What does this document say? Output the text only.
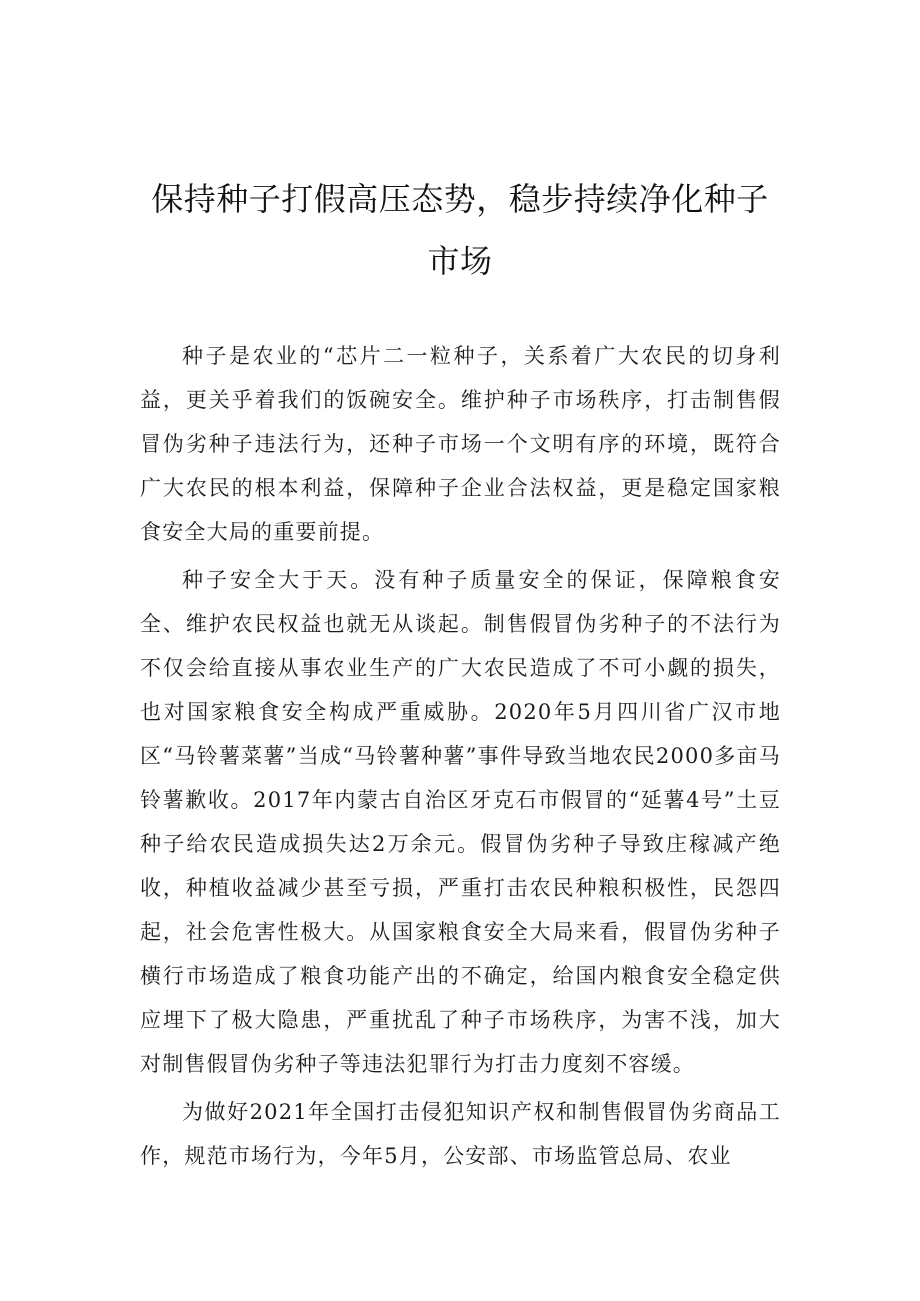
保持种子打假高压态势，稳步持续净化种子
市场

种子是农业的“芯片二一粒种子，关系着广大农民的切身利益，更关乎着我们的饭碗安全。维护种子市场秩序，打击制售假冒伪劣种子违法行为，还种子市场一个文明有序的环境，既符合广大农民的根本利益，保障种子企业合法权益，更是稳定国家粮食安全大局的重要前提。

种子安全大于天。没有种子质量安全的保证，保障粮食安全、维护农民权益也就无从谈起。制售假冒伪劣种子的不法行为不仅会给直接从事农业生产的广大农民造成了不可小觑的损失，也对国家粮食安全构成严重威胁。2020年5月四川省广汉市地区“马铃薯菜薯”当成“马铃薯种薯”事件导致当地农民2000多亩马铃薯歉收。2017年内蒙古自治区牙克石市假冒的“延薯4号”土豆种子给农民造成损失达2万余元。假冒伪劣种子导致庄稼减产绝收，种植收益减少甚至亏损，严重打击农民种粮积极性，民怨四起，社会危害性极大。从国家粮食安全大局来看，假冒伪劣种子横行市场造成了粮食功能产出的不确定，给国内粮食安全稳定供应埋下了极大隐患，严重扰乱了种子市场秩序，为害不浅，加大对制售假冒伪劣种子等违法犯罪行为打击力度刻不容缓。

为做好2021年全国打击侵犯知识产权和制售假冒伪劣商品工作，规范市场行为，今年5月，公安部、市场监管总局、农业
